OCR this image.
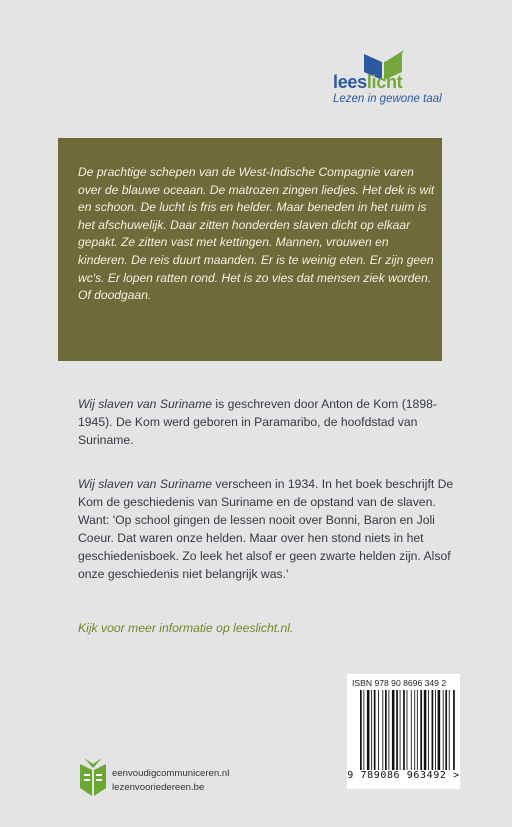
leeslicht
Lezen in gewone taal

De prachtige schepen van de West-Indische Compagnie varen over de blauwe oceaan. De matrozen zingen liedjes. Het dek is wit en schoon. De lucht is fris en helder. Maar beneden in het ruim is het afschuwelijk. Daar zitten honderden slaven dicht op elkaar gepakt. Ze zitten vast met kettingen. Mannen, vrouwen en kinderen. De reis duurt maanden. Er is te weinig eten. Er zijn geen wc's. Er lopen ratten rond. Het is zo vies dat mensen ziek worden. Of doodgaan.

Wij slaven van Suriname is geschreven door Anton de Kom (1898-1945). De Kom werd geboren in Paramaribo, de hoofdstad van Suriname.

Wij slaven van Suriname verscheen in 1934. In het boek beschrijft De Kom de geschiedenis van Suriname en de opstand van de slaven. Want: 'Op school gingen de lessen nooit over Bonni, Baron en Joli Coeur. Dat waren onze helden. Maar over hen stond niets in het geschiedenisboek. Zo leek het alsof er geen zwarte helden zijn. Alsof onze geschiedenis niet belangrijk was.'

Kijk voor meer informatie op leeslicht.nl.

ISBN 978 90 8696 349 2

9 789086 963492 >

eenvoudigcommuniceren.nl

lezenvooriedereen.be
